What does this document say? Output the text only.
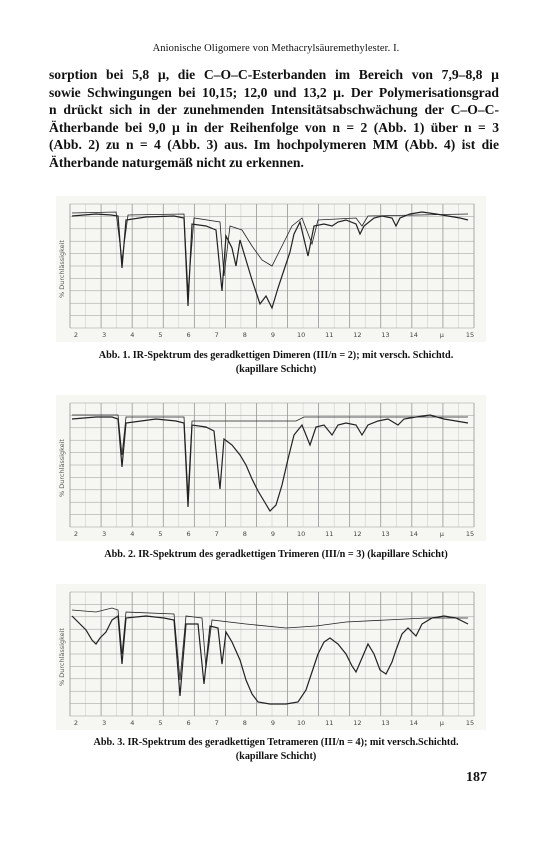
Anionische Oligomere von Methacrylsäuremethylester. I.
sorption bei 5,8 µ, die C–O–C-Esterbanden im Bereich von 7,9–8,8 µ
sowie Schwingungen bei 10,15; 12,0 und 13,2 µ. Der Polymerisationsgrad
n drückt sich in der zunehmenden Intensitätsabschwächung der C–O–C-
Ätherbande bei 9,0 µ in der Reihenfolge von n = 2 (Abb. 1) über n = 3
(Abb. 2) zu n = 4 (Abb. 3) aus. Im hochpolymeren MM (Abb. 4) ist die
Ätherbande naturgemäß nicht zu erkennen.
% Durchlässigkeit
2	3	4	5	6	7	8	9	10	11	12	13	14	µ	15
Abb. 1. IR-Spektrum des geradkettigen Dimeren (III/n = 2); mit versch. Schichtd.
(kapillare Schicht)
% Durchlässigkeit
2	3	4	5	6	7	8	9	10	11	12	13	14	µ	15
Abb. 2. IR-Spektrum des geradkettigen Trimeren (III/n = 3) (kapillare Schicht)
% Durchlässigkeit
2	3	4	5	6	7	8	9	10	11	12	13	14	µ	15
Abb. 3. IR-Spektrum des geradkettigen Tetrameren (III/n = 4); mit versch.Schichtd.
(kapillare Schicht)
187
